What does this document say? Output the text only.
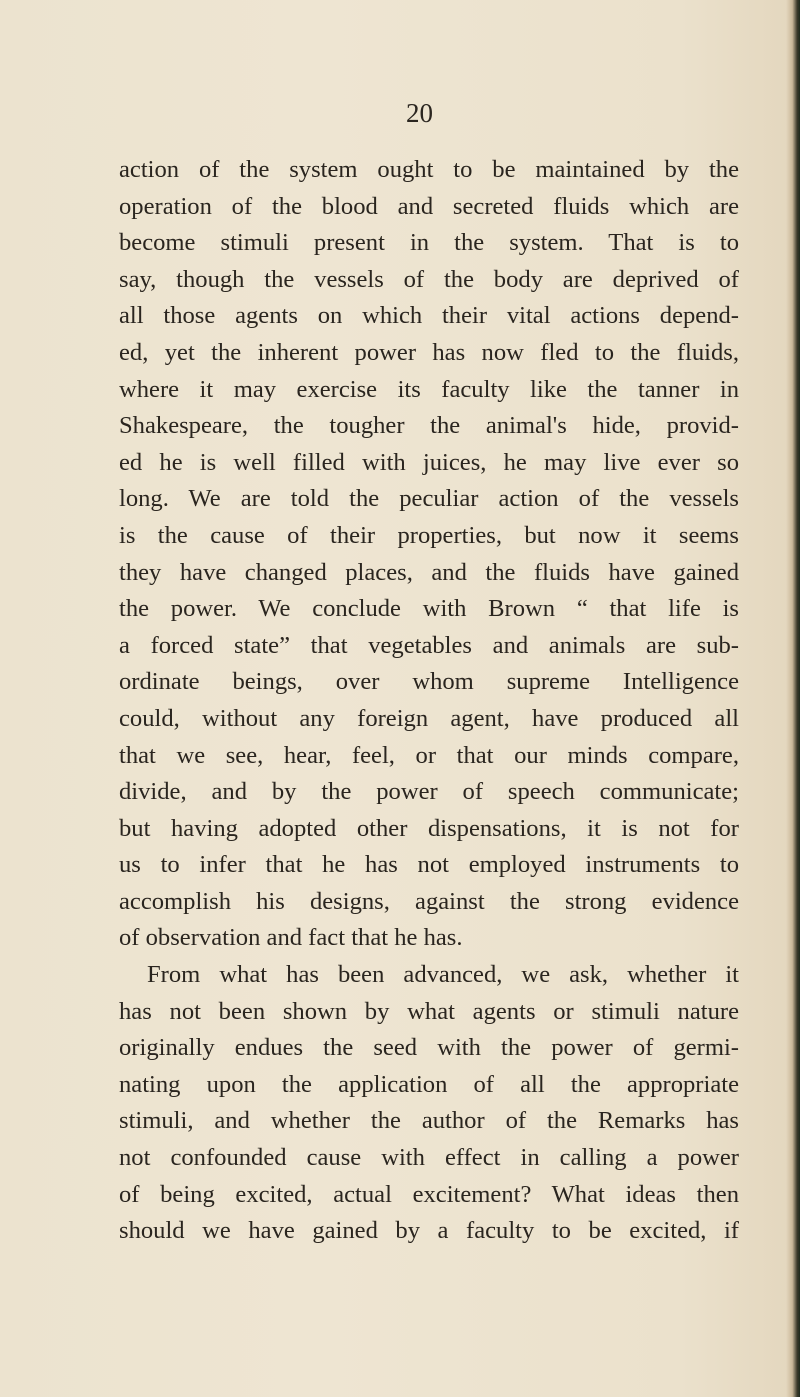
20
action of the system ought to be maintained by the
operation of the blood and secreted fluids which are
become stimuli present in the system. That is to
say, though the vessels of the body are deprived of
all those agents on which their vital actions depend-
ed, yet the inherent power has now fled to the fluids,
where it may exercise its faculty like the tanner in
Shakespeare, the tougher the animal's hide, provid-
ed he is well filled with juices, he may live ever so
long. We are told the peculiar action of the vessels
is the cause of their properties, but now it seems
they have changed places, and the fluids have gained
the power. We conclude with Brown “ that life is
a forced state” that vegetables and animals are sub-
ordinate beings, over whom supreme Intelligence
could, without any foreign agent, have produced all
that we see, hear, feel, or that our minds compare,
divide, and by the power of speech communicate;
but having adopted other dispensations, it is not for
us to infer that he has not employed instruments to
accomplish his designs, against the strong evidence
of observation and fact that he has.
From what has been advanced, we ask, whether it
has not been shown by what agents or stimuli nature
originally endues the seed with the power of germi-
nating upon the application of all the appropriate
stimuli, and whether the author of the Remarks has
not confounded cause with effect in calling a power
of being excited, actual excitement? What ideas then
should we have gained by a faculty to be excited, if
